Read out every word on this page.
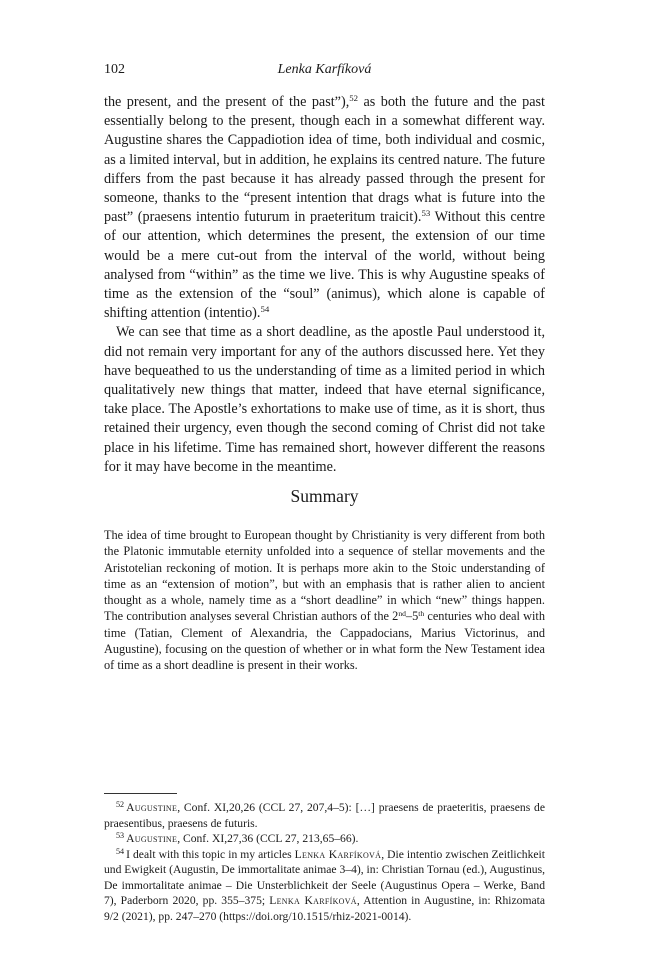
102	Lenka Karfíková

the present, and the present of the past”),$^{52}$ as both the future and the past essentially belong to the present, though each in a somewhat different way. Augustine shares the Cappadiotion idea of time, both individual and cosmic, as a limited interval, but in addition, he explains its centred nature. The future differs from the past because it has already passed through the present for someone, thanks to the “present intention that drags what is future into the past” (praesens intentio futurum in praeteritum traicit).$^{53}$ Without this centre of our attention, which determines the present, the extension of our time would be a mere cut-out from the interval of the world, without being analysed from “within” as the time we live. This is why Augustine speaks of time as the extension of the “soul” (animus), which alone is capable of shifting attention (intentio).$^{54}$

We can see that time as a short deadline, as the apostle Paul understood it, did not remain very important for any of the authors discussed here. Yet they have bequeathed to us the understanding of time as a limited period in which qualitatively new things that matter, indeed that have eternal significance, take place. The Apostle’s exhortations to make use of time, as it is short, thus retained their urgency, even though the second coming of Christ did not take place in his lifetime. Time has remained short, however different the reasons for it may have become in the meantime.

Summary

The idea of time brought to European thought by Christianity is very different from both the Platonic immutable eternity unfolded into a sequence of stellar movements and the Aristotelian reckoning of motion. It is perhaps more akin to the Stoic understanding of time as an “extension of motion”, but with an emphasis that is rather alien to ancient thought as a whole, namely time as a “short deadline” in which “new” things happen. The contribution analyses several Christian authors of the 2nd–5th centuries who deal with time (Tatian, Clement of Alexandria, the Cappadocians, Marius Victorinus, and Augustine), focusing on the question of whether or in what form the New Testament idea of time as a short deadline is present in their works.

$^{52}$ Augustine, Conf. XI,20,26 (CCL 27, 207,4–5): […] praesens de praeteritis, praesens de praesentibus, praesens de futuris.

$^{53}$ Augustine, Conf. XI,27,36 (CCL 27, 213,65–66).

$^{54}$ I dealt with this topic in my articles Lenka Karfíková, Die intentio zwischen Zeitlichkeit und Ewigkeit (Augustin, De immortalitate animae 3–4), in: Christian Tornau (ed.), Augustinus, De immortalitate animae – Die Unsterblichkeit der Seele (Augustinus Opera – Werke, Band 7), Paderborn 2020, pp. 355–375; Lenka Karfíková, Attention in Augustine, in: Rhizomata 9/2 (2021), pp. 247–270 (https://doi.org/10.1515/rhiz-2021-0014).
